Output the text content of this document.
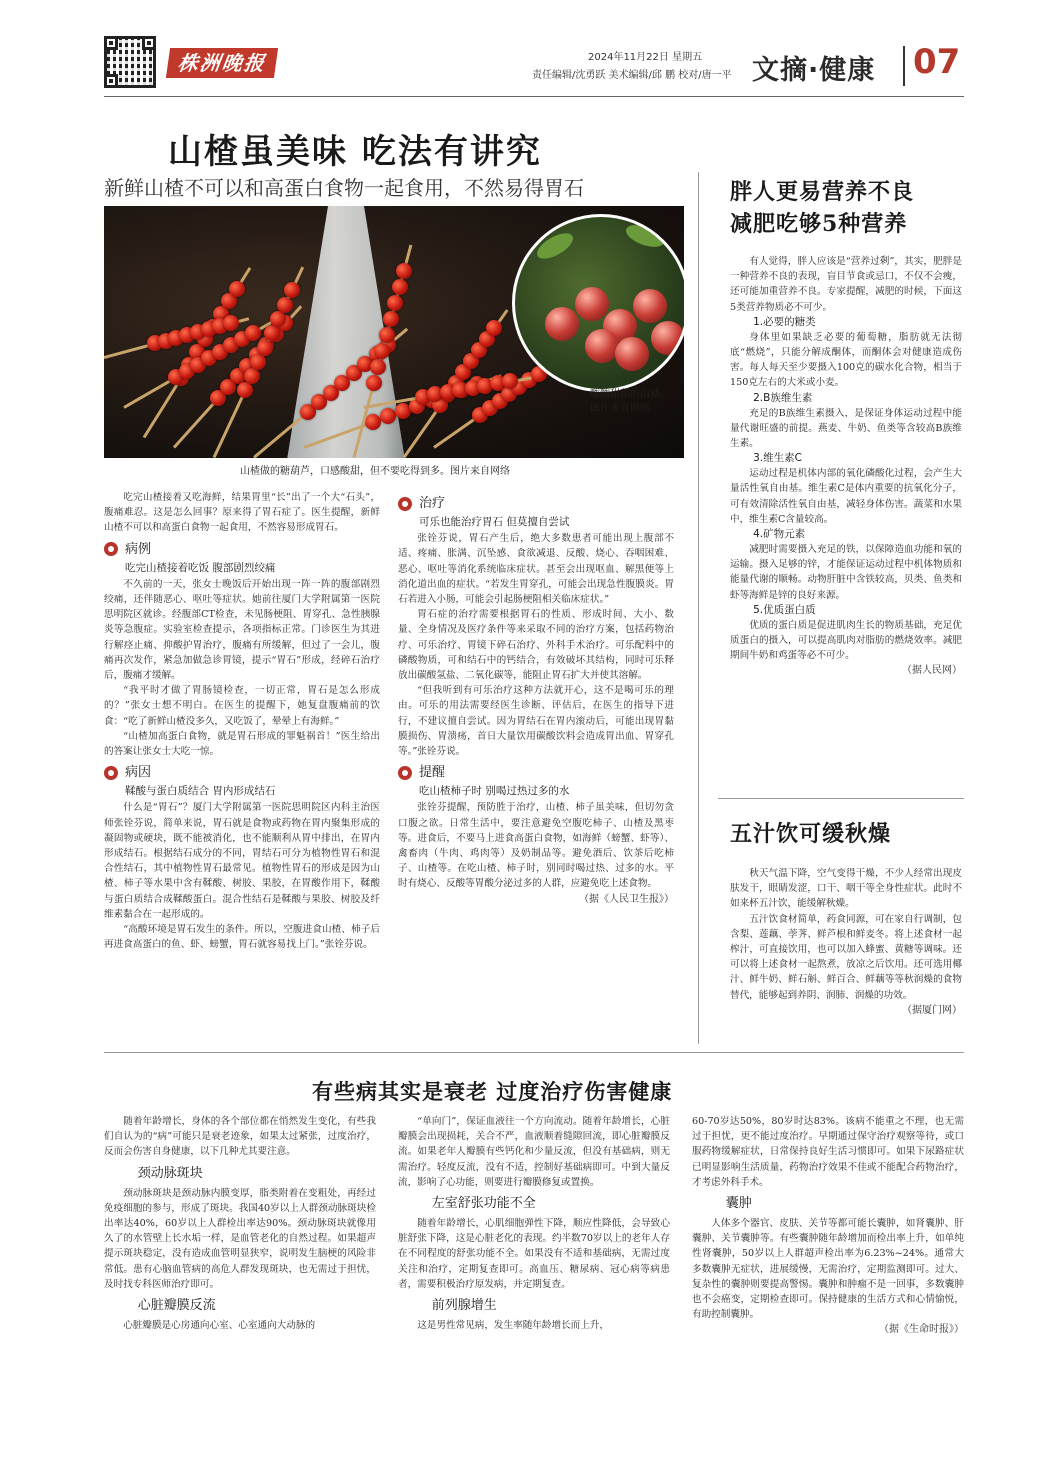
株洲晚报	2024年11月22日 星期五
责任编辑/沈勇跃 美术编辑/邱 鹏 校对/唐一平 文摘·健康 07
山楂虽美味 吃法有讲究
新鲜山楂不可以和高蛋白食物一起食用，不然易得胃石
酸酸甜甜的山楂。
图片来自网络
山楂做的糖葫芦，口感酸甜，但不要吃得到多。图片来自网络

吃完山楂接着又吃海鲜，结果胃里“长”出了一个大“石头”，腹痛难忍。这是怎么回事？原来得了胃石症了。医生提醒，新鲜山楂不可以和高蛋白食物一起食用，不然容易形成胃石。

病例
吃完山楂接着吃饭 腹部剧烈绞痛

不久前的一天，张女士晚饭后开始出现一阵一阵的腹部剧烈绞痛，还伴随恶心、呕吐等症状。她前往厦门大学附属第一医院思明院区就诊。经腹部CT检查，未见肠梗阻、胃穿孔、急性胰腺炎等急腹症。实验室检查提示，各项指标正常。门诊医生为其进行解痉止痛、抑酸护胃治疗，腹痛有所缓解，但过了一会儿，腹痛再次发作，紧急加做急诊胃镜，提示“胃石”形成，经碎石治疗后，腹痛才缓解。

“我平时才做了胃肠镜检查，一切正常，胃石是怎么形成的？”张女士想不明白。在医生的提醒下，她复盘腹痛前的饮食：“吃了新鲜山楂没多久，又吃饭了，晕晕上有海鲜。”

“山楂加高蛋白食物，就是胃石形成的罪魁祸首！”医生给出的答案让张女士大吃一惊。

病因
鞣酸与蛋白质结合 胃内形成结石

什么是“胃石”？厦门大学附属第一医院思明院区内科主治医师张铨芬说，简单来说，胃石就是食物或药物在胃内聚集形成的凝固物或硬块，既不能被消化，也不能顺利从胃中排出，在胃内形成结石。根据结石成分的不同，胃结石可分为植物性胃石和混合性结石，其中植物性胃石最常见。植物性胃石的形成是因为山楂、柿子等水果中含有鞣酸、树胶、果胶，在胃酸作用下，鞣酸与蛋白质结合成鞣酸蛋白。混合性结石是鞣酸与果胶、树胶及纤维素黏合在一起形成的。

“高酸环境是胃石发生的条件。所以，空腹进食山楂、柿子后再进食高蛋白的鱼、虾、螃蟹，胃石就容易找上门。”张铨芬说。

治疗
可乐也能治疗胃石 但莫擅自尝试

张铨芬说，胃石产生后，绝大多数患者可能出现上腹部不适、疼痛、胀满、沉坠感、食欲减退、反酸、烧心、吞咽困难、恶心、呕吐等消化系统临床症状。甚至会出现呕血、解黑便等上消化道出血的症状。“若发生胃穿孔，可能会出现急性腹膜炎。胃石若进入小肠，可能会引起肠梗阻相关临床症状。”

胃石症的治疗需要根据胃石的性质、形成时间、大小、数量、全身情况及医疗条件等来采取不同的治疗方案，包括药物治疗、可乐治疗、胃镜下碎石治疗、外科手术治疗。可乐配料中的磷酸物质，可和结石中的钙结合，有效破坏其结构，同时可乐释放出碳酸氢盐、二氧化碳等，能阻止胃石扩大并使其溶解。

“但我听到有可乐治疗这种方法就开心，这不是喝可乐的理由。可乐的用法需要经医生诊断、评估后，在医生的指导下进行，不建议擅自尝试。因为胃结石在胃内滚动后，可能出现胃黏膜损伤、胃溃疡，首日大量饮用碳酸饮料会造成胃出血、胃穿孔等。”张铨芬说。

提醒
吃山楂柿子时 别喝过热过多的水

张铨芬提醒，预防胜于治疗，山楂、柿子虽美味，但切勿贪口腹之欲。日常生活中，要注意避免空腹吃柿子、山楂及黑枣等。进食后，不要马上进食高蛋白食物，如海鲜（螃蟹、虾等）、禽畜肉（牛肉、鸡肉等）及奶制品等。避免酒后、饮茶后吃柿子、山楂等。在吃山楂、柿子时，别同时喝过热、过多的水。平时有烧心、反酸等胃酸分泌过多的人群，应避免吃上述食物。

（据《人民卫生报》）
胖人更易营养不良
减肥吃够5种营养

有人觉得，胖人应该是“营养过剩”，其实，肥胖是一种营养不良的表现，盲目节食或忌口，不仅不会瘦，还可能加重营养不良。专家提醒，减肥的时候，下面这5类营养物质必不可少。

1.必要的糖类

身体里如果缺乏必要的葡萄糖，脂肪就无法彻底“燃烧”，只能分解成酮体，而酮体会对健康造成伤害。每人每天至少要摄入100克的碳水化合物，相当于150克左右的大米或小麦。

2.B族维生素

充足的B族维生素摄入，是保证身体运动过程中能量代谢旺盛的前提。燕麦、牛奶、鱼类等含较高B族维生素。

3.维生素C

运动过程是机体内部的氧化磷酸化过程，会产生大量活性氧自由基。维生素C是体内重要的抗氧化分子，可有效清除活性氧自由基，减轻身体伤害。蔬菜和水果中，维生素C含量较高。

4.矿物元素

减肥时需要摄入充足的铁，以保障造血功能和氧的运输。摄入足够的锌，才能保证运动过程中机体物质和能量代谢的顺畅。动物肝脏中含铁较高，贝类、鱼类和虾等海鲜是锌的良好来源。

5.优质蛋白质

优质的蛋白质是促进肌肉生长的物质基础，充足优质蛋白的摄入，可以提高肌肉对脂肪的燃烧效率。减肥期间牛奶和鸡蛋等必不可少。

（据人民网）
五汁饮可缓秋燥

秋天气温下降，空气变得干燥，不少人经常出现皮肤发干，眼睛发涩，口干、咽干等全身性症状。此时不如来杯五汁饮，能缓解秋燥。

五汁饮食材简单，药食同源，可在家自行调制，包含梨、莲藕、荸荠、鲜芦根和鲜麦冬。将上述食材一起榨汁，可直接饮用，也可以加入蜂蜜、黄糖等调味。还可以将上述食材一起熬煮，放凉之后饮用。还可选用椰汁、鲜牛奶、鲜石斛、鲜百合、鲜藕等等秋润燥的食物替代，能够起到养阴、润肺、润燥的功效。

（据厦门网）
有些病其实是衰老 过度治疗伤害健康

随着年龄增长，身体的各个部位都在悄然发生变化，有些我们自认为的“病”可能只是衰老迹象，如果太过紧张，过度治疗，反而会伤害自身健康，以下几种尤其要注意。

颈动脉斑块

颈动脉斑块是颈动脉内膜变厚，脂类附着在变粗处，再经过免疫细胞的参与，形成了斑块。我国40岁以上人群颈动脉斑块检出率达40%，60岁以上人群检出率达90%。颈动脉斑块就像用久了的水管壁上长水垢一样，是血管老化的自然过程。如果超声提示斑块稳定，没有造成血管明显狭窄，说明发生脑梗的风险非常低。患有心脑血管病的高危人群发现斑块，也无需过于担忧，及时找专科医师治疗即可。

心脏瓣膜反流

心脏瓣膜是心房通向心室、心室通向大动脉的

“单向门”，保证血液往一个方向流动。随着年龄增长，心脏瓣膜会出现损耗，关合不严，血液顺着缝隙回流，即心脏瓣膜反流。如果老年人瓣膜有些钙化和少量反流，但没有基础病，则无需治疗。轻度反流，没有不适，控制好基础病即可。中到大量反流，影响了心功能，则要进行瓣膜修复或置换。

左室舒张功能不全

随着年龄增长，心肌细胞弹性下降，顺应性降低，会导致心脏舒张下降，这是心脏老化的表现。约半数70岁以上的老年人存在不同程度的舒张功能不全。如果没有不适和基础病，无需过度关注和治疗，定期复查即可。高血压、糖尿病、冠心病等病患者，需要积极治疗原发病，并定期复查。

前列腺增生

这是男性常见病，发生率随年龄增长而上升，

60-70岁达50%，80岁时达83%。该病不能重之不理，也无需过于担忧，更不能过度治疗。早期通过保守治疗观察等待，或口服药物缓解症状，日常保持良好生活习惯即可。如果下尿路症状已明显影响生活质量，药物治疗效果不佳或不能配合药物治疗，才考虑外科手术。

囊肿

人体多个器官、皮肤、关节等都可能长囊肿，如肾囊肿、肝囊肿、关节囊肿等。有些囊肿随年龄增加而检出率上升，如单纯性肾囊肿，50岁以上人群超声检出率为6.23%~24%。通常大多数囊肿无症状，进展缓慢，无需治疗，定期监测即可。过大、复杂性的囊肿则要提高警惕。囊肿和肿瘤不是一回事，多数囊肿也不会癌变，定期检查即可。保持健康的生活方式和心情愉悦，有助控制囊肿。

（据《生命时报》）
